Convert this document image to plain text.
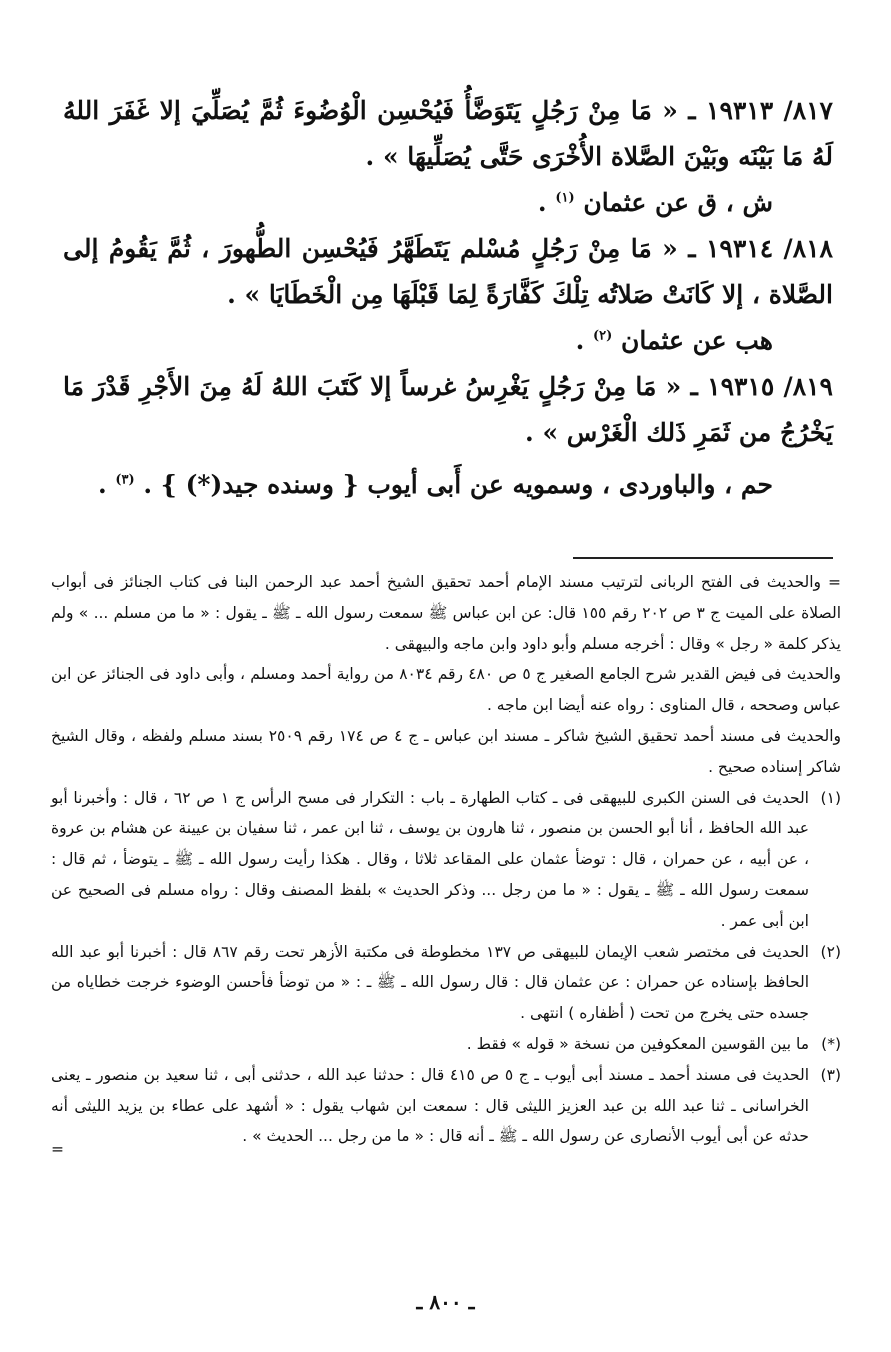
٨١٧/ ١٩٣١٣ ـ « مَا مِنْ رَجُلٍ يَتَوَضَّأُ فَيُحْسِن الْوُضُوءَ ثُمَّ يُصَلِّيَ إلا غَفَرَ اللهُ لَهُ مَا بَيْنَه وبَيْنَ الصَّلاة الأُخْرَى حَتَّى يُصَلِّيهَا » .

ش ، ق عن عثمان $^{(١)}$ .

٨١٨/ ١٩٣١٤ ـ « مَا مِنْ رَجُلٍ مُسْلم يَتَطَهَّرُ فَيُحْسِن الطُّهورَ ، ثُمَّ يَقُومُ إلى الصَّلاة ، إلا كَانَتْ صَلاتُه تِلْكَ كَفَّارَةً لِمَا قَبْلَهَا مِن الْخَطَايَا » .

هب عن عثمان $^{(٢)}$ .

٨١٩/ ١٩٣١٥ ـ « مَا مِنْ رَجُلٍ يَغْرِسُ غرساً إلا كَتَبَ اللهُ لَهُ مِنَ الأَجْرِ قَدْرَ مَا يَخْرُجُ من ثَمَرِ ذَلك الْغَرْس » .

حم ، والباوردى ، وسمويه عن أَبى أيوب { وسنده جيد(*) } . $^{(٣)}$ .

= والحديث فى الفتح الربانى لترتيب مسند الإمام أحمد تحقيق الشيخ أحمد عبد الرحمن البنا فى كتاب الجنائز فى أبواب الصلاة على الميت ج ٣ ص ٢٠٢ رقم ١٥٥ قال: عن ابن عباس ﷺ سمعت رسول الله ـ ﷺ ـ يقول : « ما من مسلم ... » ولم يذكر كلمة « رجل » وقال : أخرجه مسلم وأبو داود وابن ماجه والبيهقى .

والحديث فى فيض القدير شرح الجامع الصغير ج ٥ ص ٤٨٠ رقم ٨٠٣٤ من رواية أحمد ومسلم ، وأبى داود فى الجنائز عن ابن عباس وصححه ، قال المناوى : رواه عنه أيضا ابن ماجه .

والحديث فى مسند أحمد تحقيق الشيخ شاكر ـ مسند ابن عباس ـ ج ٤ ص ١٧٤ رقم ٢٥٠٩ بسند مسلم ولفظه ، وقال الشيخ شاكر إسناده صحيح .

(١)
الحديث فى السنن الكبرى للبيهقى فى ـ كتاب الطهارة ـ باب : التكرار فى مسح الرأس ج ١ ص ٦٢ ، قال : وأخبرنا أبو عبد الله الحافظ ، أنا أبو الحسن بن منصور ، ثنا هارون بن يوسف ، ثنا ابن عمر ، ثنا سفيان بن عيينة عن هشام بن عروة ، عن أبيه ، عن حمران ، قال : توضأ عثمان على المقاعد ثلاثا ، وقال . هكذا رأيت رسول الله ـ ﷺ ـ يتوضأ ، ثم قال : سمعت رسول الله ـ ﷺ ـ يقول : « ما من رجل ... وذكر الحديث » بلفظ المصنف وقال : رواه مسلم فى الصحيح عن ابن أبى عمر .

(٢)
الحديث فى مختصر شعب الإيمان للبيهقى ص ١٣٧ مخطوطة فى مكتبة الأزهر تحت رقم ٨٦٧ قال : أخبرنا أبو عبد الله الحافظ بإسناده عن حمران : عن عثمان قال : قال رسول الله ـ ﷺ ـ : « من توضأ فأحسن الوضوء خرجت خطاياه من جسده حتى يخرج من تحت ( أظفاره ) انتهى .

(*)
ما بين القوسين المعكوفين من نسخة « قوله » فقط .

(٣)
الحديث فى مسند أحمد ـ مسند أبى أيوب ـ ج ٥ ص ٤١٥ قال : حدثنا عبد الله ، حدثنى أبى ، ثنا سعيد بن منصور ـ يعنى الخراسانى ـ ثنا عبد الله بن عبد العزيز الليثى قال : سمعت ابن شهاب يقول : « أشهد على عطاء بن يزيد الليثى أنه حدثه عن أبى أيوب الأنصارى عن رسول الله ـ ﷺ ـ أنه قال : « ما من رجل ... الحديث » .

=

ـ ٨٠٠ ـ
